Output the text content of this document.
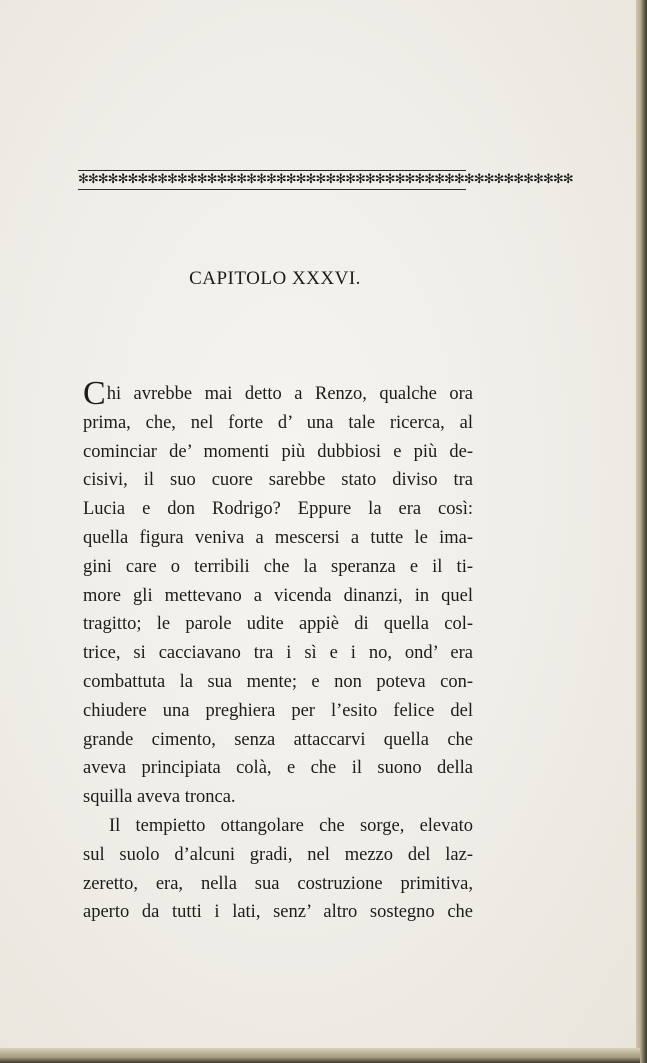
✻✻✻✻✻✻✻✻✻✻✻✻✻✻✻✻✻✻✻✻✻✻✻✻✻✻✻✻✻✻✻✻✻✻✻✻✻✻✻✻✻✻✻✻✻✻✻✻✻✻
CAPITOLO XXXVI.
Chi avrebbe mai detto a Renzo, qualche ora
prima, che, nel forte d’ una tale ricerca, al
cominciar de’ momenti più dubbiosi e più de-
cisivi, il suo cuore sarebbe stato diviso tra
Lucia e don Rodrigo? Eppure la era così:
quella figura veniva a mescersi a tutte le ima-
gini care o terribili che la speranza e il ti-
more gli mettevano a vicenda dinanzi, in quel
tragitto; le parole udite appiè di quella col-
trice, si cacciavano tra i sì e i no, ond’ era
combattuta la sua mente; e non poteva con-
chiudere una preghiera per l’esito felice del
grande cimento, senza attaccarvi quella che
aveva principiata colà, e che il suono della
squilla aveva tronca.
Il tempietto ottangolare che sorge, elevato
sul suolo d’alcuni gradi, nel mezzo del laz-
zeretto, era, nella sua costruzione primitiva,
aperto da tutti i lati, senz’ altro sostegno che
